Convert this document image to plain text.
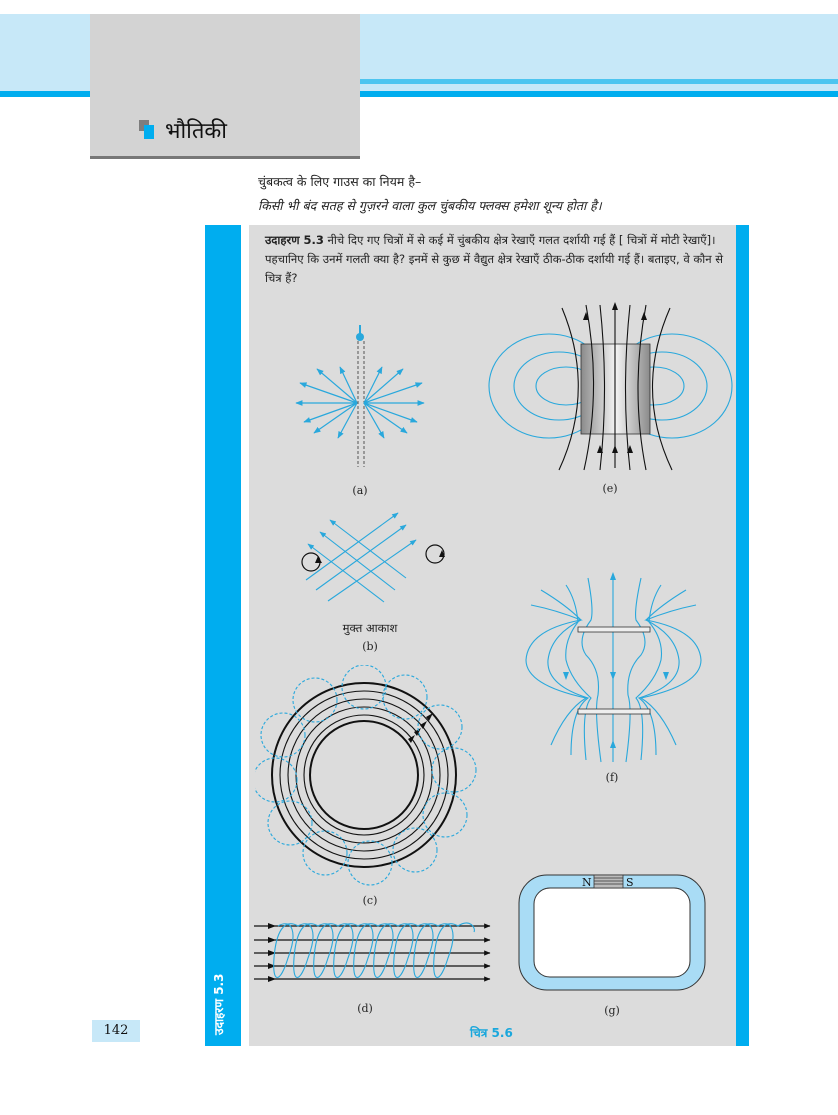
भौतिकी
चुंबकत्व के लिए गाउस का नियम है–
किसी भी बंद सतह से गुज़रने वाला कुल चुंबकीय फ्लक्स हमेशा शून्य होता है।
उदाहरण 5.3
उदाहरण 5.3 नीचे दिए गए चित्रों में से कई में चुंबकीय क्षेत्र रेखाएँ गलत दर्शायी गई हैं [ चित्रों में मोटी रेखाएँ]। पहचानिए कि उनमें गलती क्या है? इनमें से कुछ में वैद्युत क्षेत्र रेखाएँ ठीक-ठीक दर्शायी गई हैं। बताइए, वे कौन से चित्र हैं?
(a)	(e)
मुक्त आकाश
(b)
(f)
(c)
(d)
N	S
(g)
चित्र 5.6
142
